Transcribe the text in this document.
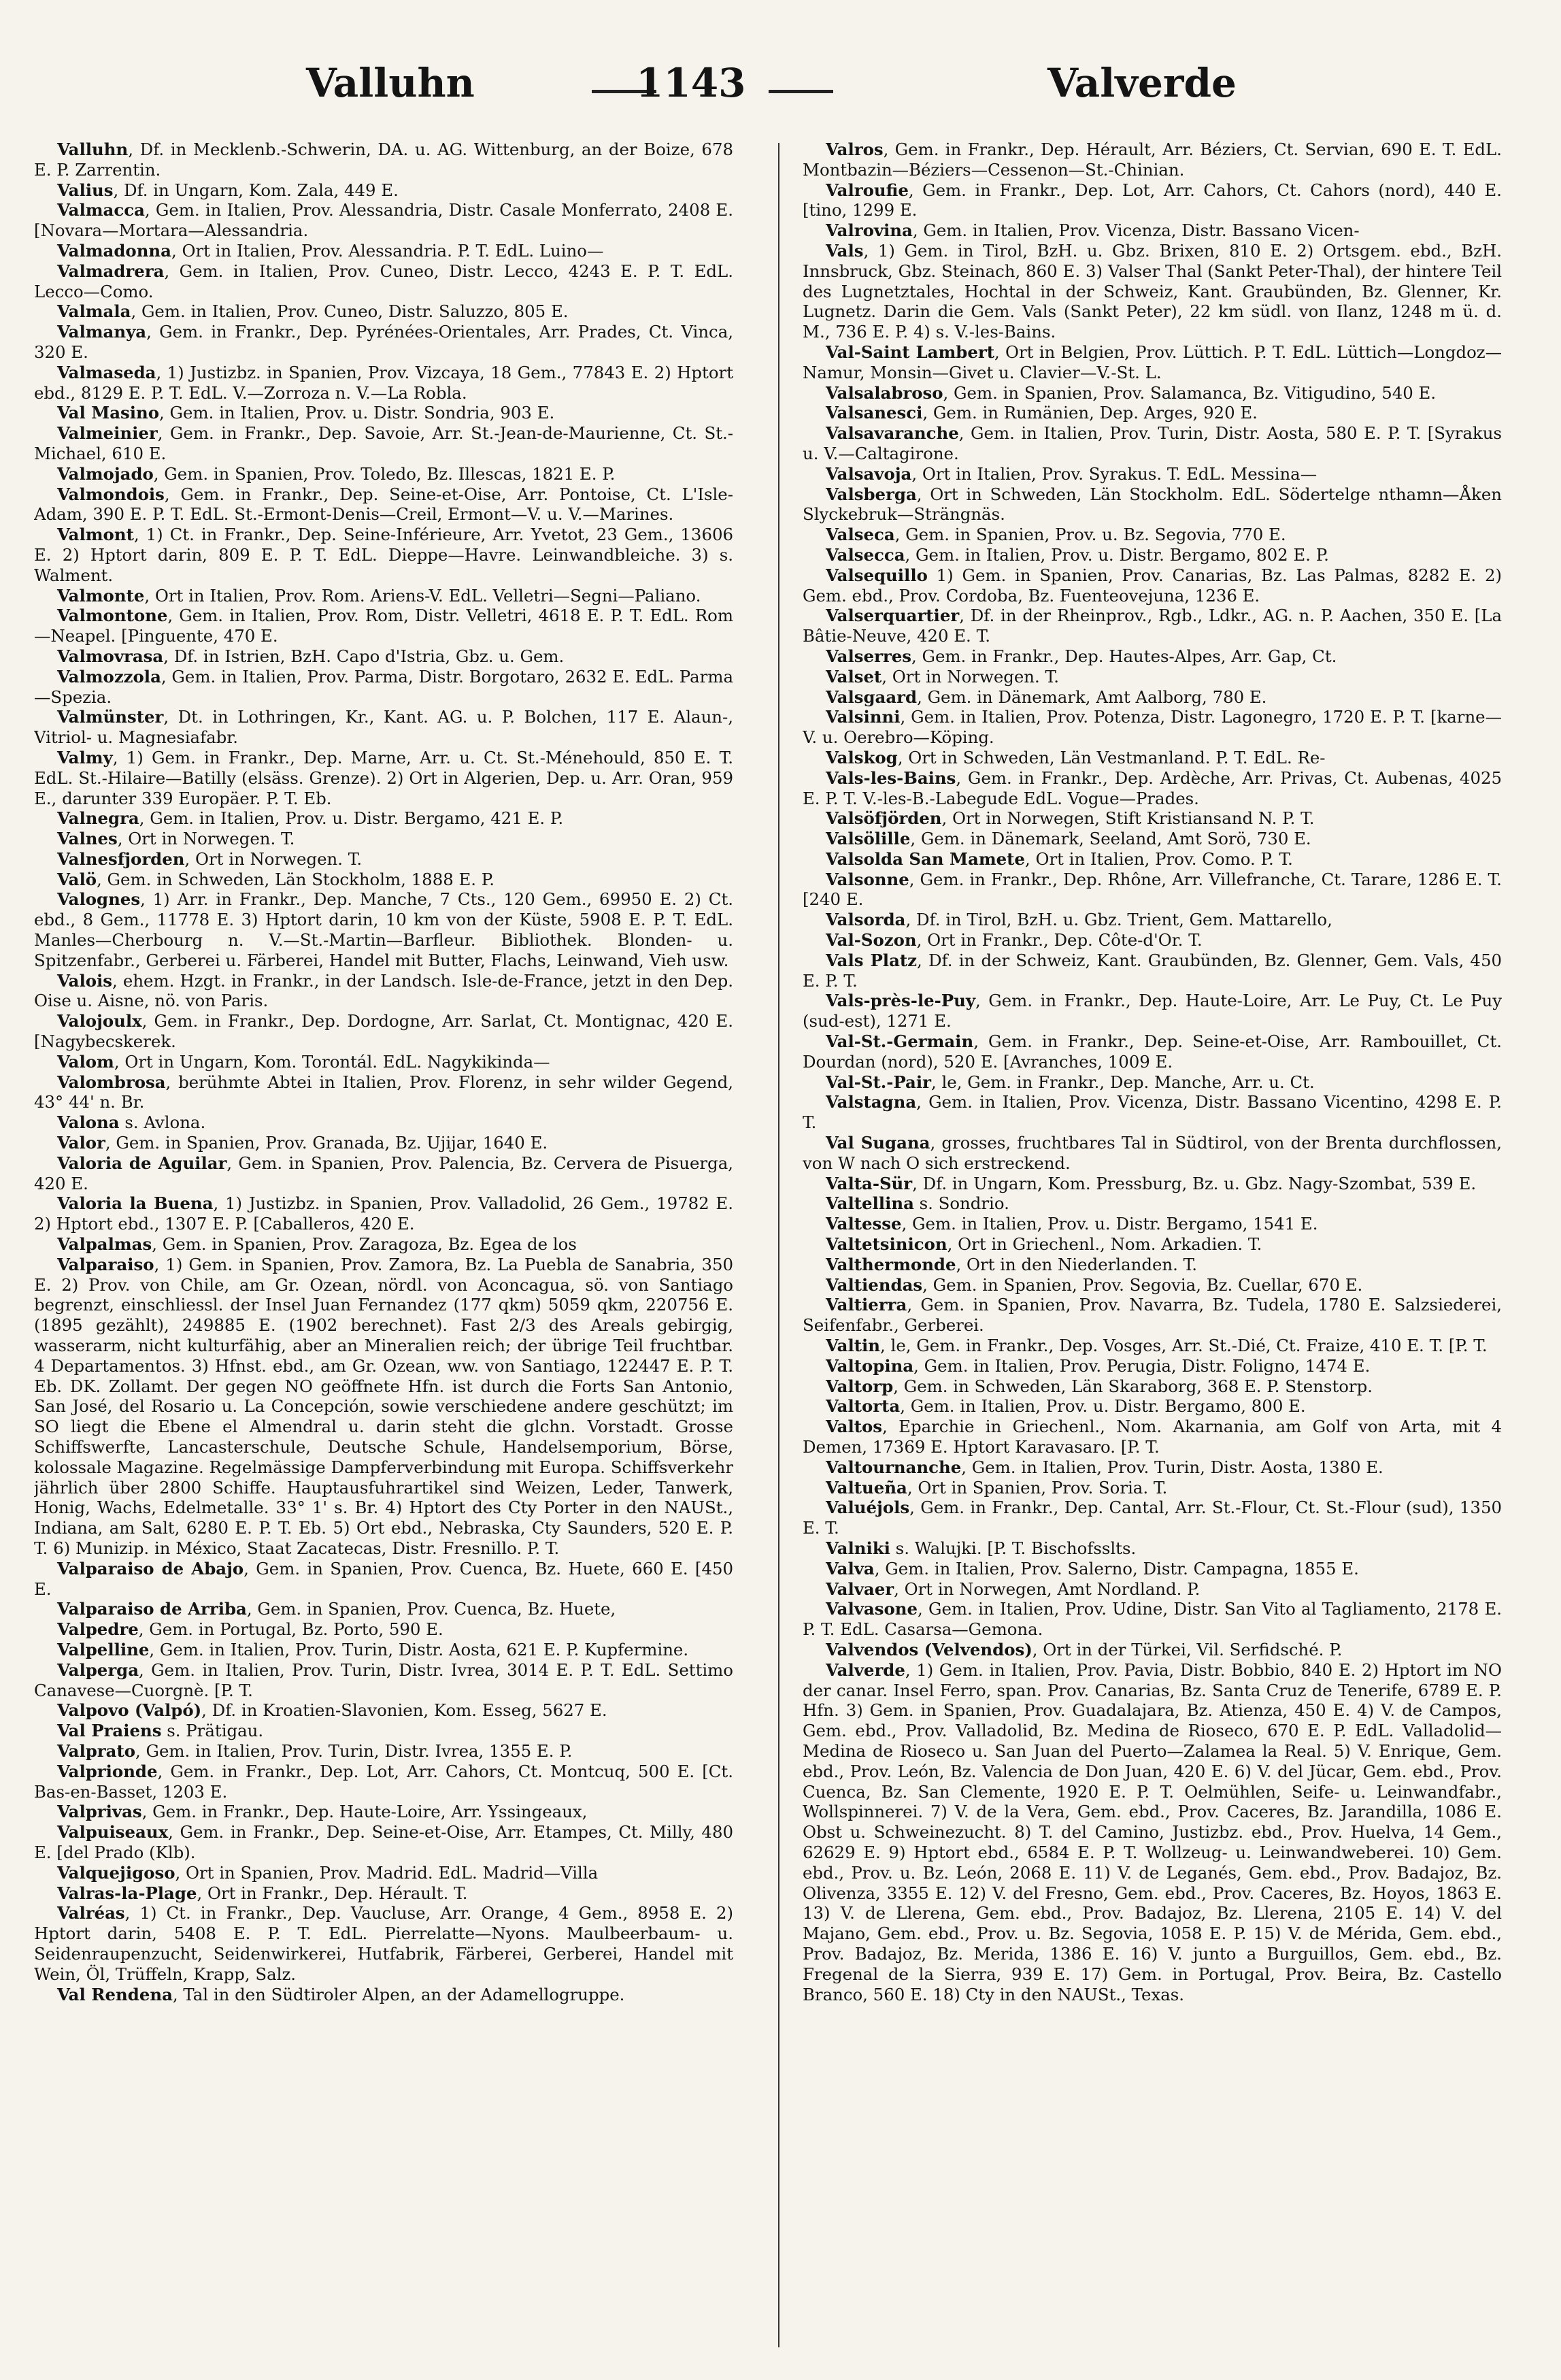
Valluhn	1143	Valverde

Valluhn, Df. in Mecklenb.-Schwerin, DA. u. AG. Wittenburg, an der Boize, 678 E. P. Zarrentin.

Valius, Df. in Ungarn, Kom. Zala, 449 E.

Valmacca, Gem. in Italien, Prov. Alessandria, Distr. Casale Monferrato, 2408 E. [Novara—Mortara—Alessandria.

Valmadonna, Ort in Italien, Prov. Alessandria. P. T. EdL. Luino—

Valmadrera, Gem. in Italien, Prov. Cuneo, Distr. Lecco, 4243 E. P. T. EdL. Lecco—Como.

Valmala, Gem. in Italien, Prov. Cuneo, Distr. Saluzzo, 805 E.

Valmanya, Gem. in Frankr., Dep. Pyrénées-Orientales, Arr. Prades, Ct. Vinca, 320 E.

Valmaseda, 1) Justizbz. in Spanien, Prov. Vizcaya, 18 Gem., 77843 E. 2) Hptort ebd., 8129 E. P. T. EdL. V.—Zorroza n. V.—La Robla.

Val Masino, Gem. in Italien, Prov. u. Distr. Sondria, 903 E.

Valmeinier, Gem. in Frankr., Dep. Savoie, Arr. St.-Jean-de-Maurienne, Ct. St.-Michael, 610 E.

Valmojado, Gem. in Spanien, Prov. Toledo, Bz. Illescas, 1821 E. P.

Valmondois, Gem. in Frankr., Dep. Seine-et-Oise, Arr. Pontoise, Ct. L'Isle-Adam, 390 E. P. T. EdL. St.-Ermont-Denis—Creil, Ermont—V. u. V.—Marines.

Valmont, 1) Ct. in Frankr., Dep. Seine-Inférieure, Arr. Yvetot, 23 Gem., 13606 E. 2) Hptort darin, 809 E. P. T. EdL. Dieppe—Havre. Leinwandbleiche. 3) s. Walment.

Valmonte, Ort in Italien, Prov. Rom. Ariens-V. EdL. Velletri—Segni—Paliano.

Valmontone, Gem. in Italien, Prov. Rom, Distr. Velletri, 4618 E. P. T. EdL. Rom—Neapel. [Pinguente, 470 E.

Valmovrasa, Df. in Istrien, BzH. Capo d'Istria, Gbz. u. Gem.

Valmozzola, Gem. in Italien, Prov. Parma, Distr. Borgotaro, 2632 E. EdL. Parma—Spezia.

Valmünster, Dt. in Lothringen, Kr., Kant. AG. u. P. Bolchen, 117 E. Alaun-, Vitriol- u. Magnesiafabr.

Valmy, 1) Gem. in Frankr., Dep. Marne, Arr. u. Ct. St.-Ménehould, 850 E. T. EdL. St.-Hilaire—Batilly (elsäss. Grenze). 2) Ort in Algerien, Dep. u. Arr. Oran, 959 E., darunter 339 Europäer. P. T. Eb.

Valnegra, Gem. in Italien, Prov. u. Distr. Bergamo, 421 E. P.

Valnes, Ort in Norwegen. T.

Valnesfjorden, Ort in Norwegen. T.

Valö, Gem. in Schweden, Län Stockholm, 1888 E. P.

Valognes, 1) Arr. in Frankr., Dep. Manche, 7 Cts., 120 Gem., 69950 E. 2) Ct. ebd., 8 Gem., 11778 E. 3) Hptort darin, 10 km von der Küste, 5908 E. P. T. EdL. Manles—Cherbourg n. V.—St.-Martin—Barfleur. Bibliothek. Blonden- u. Spitzenfabr., Gerberei u. Färberei, Handel mit Butter, Flachs, Leinwand, Vieh usw.

Valois, ehem. Hzgt. in Frankr., in der Landsch. Isle-de-France, jetzt in den Dep. Oise u. Aisne, nö. von Paris.

Valojoulx, Gem. in Frankr., Dep. Dordogne, Arr. Sarlat, Ct. Montignac, 420 E. [Nagybecskerek.

Valom, Ort in Ungarn, Kom. Torontál. EdL. Nagykikinda—

Valombrosa, berühmte Abtei in Italien, Prov. Florenz, in sehr wilder Gegend, 43° 44' n. Br.

Valona s. Avlona.

Valor, Gem. in Spanien, Prov. Granada, Bz. Ujijar, 1640 E.

Valoria de Aguilar, Gem. in Spanien, Prov. Palencia, Bz. Cervera de Pisuerga, 420 E.

Valoria la Buena, 1) Justizbz. in Spanien, Prov. Valladolid, 26 Gem., 19782 E. 2) Hptort ebd., 1307 E. P. [Caballeros, 420 E.

Valpalmas, Gem. in Spanien, Prov. Zaragoza, Bz. Egea de los

Valparaiso, 1) Gem. in Spanien, Prov. Zamora, Bz. La Puebla de Sanabria, 350 E. 2) Prov. von Chile, am Gr. Ozean, nördl. von Aconcagua, sö. von Santiago begrenzt, einschliessl. der Insel Juan Fernandez (177 qkm) 5059 qkm, 220756 E. (1895 gezählt), 249885 E. (1902 berechnet). Fast 2/3 des Areals gebirgig, wasserarm, nicht kulturfähig, aber an Mineralien reich; der übrige Teil fruchtbar. 4 Departamentos. 3) Hfnst. ebd., am Gr. Ozean, ww. von Santiago, 122447 E. P. T. Eb. DK. Zollamt. Der gegen NO geöffnete Hfn. ist durch die Forts San Antonio, San José, del Rosario u. La Concepción, sowie verschiedene andere geschützt; im SO liegt die Ebene el Almendral u. darin steht die glchn. Vorstadt. Grosse Schiffswerfte, Lancasterschule, Deutsche Schule, Handelsemporium, Börse, kolossale Magazine. Regelmässige Dampferverbindung mit Europa. Schiffsverkehr jährlich über 2800 Schiffe. Hauptausfuhrartikel sind Weizen, Leder, Tanwerk, Honig, Wachs, Edelmetalle. 33° 1' s. Br. 4) Hptort des Cty Porter in den NAUSt., Indiana, am Salt, 6280 E. P. T. Eb. 5) Ort ebd., Nebraska, Cty Saunders, 520 E. P. T. 6) Munizip. in México, Staat Zacatecas, Distr. Fresnillo. P. T.

Valparaiso de Abajo, Gem. in Spanien, Prov. Cuenca, Bz. Huete, 660 E. [450 E.

Valparaiso de Arriba, Gem. in Spanien, Prov. Cuenca, Bz. Huete,

Valpedre, Gem. in Portugal, Bz. Porto, 590 E.

Valpelline, Gem. in Italien, Prov. Turin, Distr. Aosta, 621 E. P. Kupfermine.

Valperga, Gem. in Italien, Prov. Turin, Distr. Ivrea, 3014 E. P. T. EdL. Settimo Canavese—Cuorgnè. [P. T.

Valpovo (Valpó), Df. in Kroatien-Slavonien, Kom. Esseg, 5627 E.

Val Praiens s. Prätigau.

Valprato, Gem. in Italien, Prov. Turin, Distr. Ivrea, 1355 E. P.

Valprionde, Gem. in Frankr., Dep. Lot, Arr. Cahors, Ct. Montcuq, 500 E. [Ct. Bas-en-Basset, 1203 E.

Valprivas, Gem. in Frankr., Dep. Haute-Loire, Arr. Yssingeaux,

Valpuiseaux, Gem. in Frankr., Dep. Seine-et-Oise, Arr. Etampes, Ct. Milly, 480 E. [del Prado (Klb).

Valquejigoso, Ort in Spanien, Prov. Madrid. EdL. Madrid—Villa

Valras-la-Plage, Ort in Frankr., Dep. Hérault. T.

Valréas, 1) Ct. in Frankr., Dep. Vaucluse, Arr. Orange, 4 Gem., 8958 E. 2) Hptort darin, 5408 E. P. T. EdL. Pierrelatte—Nyons. Maulbeerbaum- u. Seidenraupenzucht, Seidenwirkerei, Hutfabrik, Färberei, Gerberei, Handel mit Wein, Öl, Trüffeln, Krapp, Salz.

Val Rendena, Tal in den Südtiroler Alpen, an der Adamellogruppe.

Valros, Gem. in Frankr., Dep. Hérault, Arr. Béziers, Ct. Servian, 690 E. T. EdL. Montbazin—Béziers—Cessenon—St.-Chinian.

Valroufie, Gem. in Frankr., Dep. Lot, Arr. Cahors, Ct. Cahors (nord), 440 E. [tino, 1299 E.

Valrovina, Gem. in Italien, Prov. Vicenza, Distr. Bassano Vicen-

Vals, 1) Gem. in Tirol, BzH. u. Gbz. Brixen, 810 E. 2) Ortsgem. ebd., BzH. Innsbruck, Gbz. Steinach, 860 E. 3) Valser Thal (Sankt Peter-Thal), der hintere Teil des Lugnetztales, Hochtal in der Schweiz, Kant. Graubünden, Bz. Glenner, Kr. Lugnetz. Darin die Gem. Vals (Sankt Peter), 22 km südl. von Ilanz, 1248 m ü. d. M., 736 E. P. 4) s. V.-les-Bains.

Val-Saint Lambert, Ort in Belgien, Prov. Lüttich. P. T. EdL. Lüttich—Longdoz—Namur, Monsin—Givet u. Clavier—V.-St. L.

Valsalabroso, Gem. in Spanien, Prov. Salamanca, Bz. Vitigudino, 540 E.

Valsanesci, Gem. in Rumänien, Dep. Arges, 920 E.

Valsavaranche, Gem. in Italien, Prov. Turin, Distr. Aosta, 580 E. P. T. [Syrakus u. V.—Caltagirone.

Valsavoja, Ort in Italien, Prov. Syrakus. T. EdL. Messina—

Valsberga, Ort in Schweden, Län Stockholm. EdL. Södertelge nthamn—Åken Slyckebruk—Strängnäs.

Valseca, Gem. in Spanien, Prov. u. Bz. Segovia, 770 E.

Valsecca, Gem. in Italien, Prov. u. Distr. Bergamo, 802 E. P.

Valsequillo 1) Gem. in Spanien, Prov. Canarias, Bz. Las Palmas, 8282 E. 2) Gem. ebd., Prov. Cordoba, Bz. Fuenteovejuna, 1236 E.

Valserquartier, Df. in der Rheinprov., Rgb., Ldkr., AG. n. P. Aachen, 350 E. [La Bâtie-Neuve, 420 E. T.

Valserres, Gem. in Frankr., Dep. Hautes-Alpes, Arr. Gap, Ct.

Valset, Ort in Norwegen. T.

Valsgaard, Gem. in Dänemark, Amt Aalborg, 780 E.

Valsinni, Gem. in Italien, Prov. Potenza, Distr. Lagonegro, 1720 E. P. T. [karne—V. u. Oerebro—Köping.

Valskog, Ort in Schweden, Län Vestmanland. P. T. EdL. Re-

Vals-les-Bains, Gem. in Frankr., Dep. Ardèche, Arr. Privas, Ct. Aubenas, 4025 E. P. T. V.-les-B.-Labegude EdL. Vogue—Prades.

Valsöfjörden, Ort in Norwegen, Stift Kristiansand N. P. T.

Valsölille, Gem. in Dänemark, Seeland, Amt Sorö, 730 E.

Valsolda San Mamete, Ort in Italien, Prov. Como. P. T.

Valsonne, Gem. in Frankr., Dep. Rhône, Arr. Villefranche, Ct. Tarare, 1286 E. T. [240 E.

Valsorda, Df. in Tirol, BzH. u. Gbz. Trient, Gem. Mattarello,

Val-Sozon, Ort in Frankr., Dep. Côte-d'Or. T.

Vals Platz, Df. in der Schweiz, Kant. Graubünden, Bz. Glenner, Gem. Vals, 450 E. P. T.

Vals-près-le-Puy, Gem. in Frankr., Dep. Haute-Loire, Arr. Le Puy, Ct. Le Puy (sud-est), 1271 E.

Val-St.-Germain, Gem. in Frankr., Dep. Seine-et-Oise, Arr. Rambouillet, Ct. Dourdan (nord), 520 E. [Avranches, 1009 E.

Val-St.-Pair, le, Gem. in Frankr., Dep. Manche, Arr. u. Ct.

Valstagna, Gem. in Italien, Prov. Vicenza, Distr. Bassano Vicentino, 4298 E. P. T.

Val Sugana, grosses, fruchtbares Tal in Südtirol, von der Brenta durchflossen, von W nach O sich erstreckend.

Valta-Sür, Df. in Ungarn, Kom. Pressburg, Bz. u. Gbz. Nagy-Szombat, 539 E.

Valtellina s. Sondrio.

Valtesse, Gem. in Italien, Prov. u. Distr. Bergamo, 1541 E.

Valtetsinicon, Ort in Griechenl., Nom. Arkadien. T.

Valthermonde, Ort in den Niederlanden. T.

Valtiendas, Gem. in Spanien, Prov. Segovia, Bz. Cuellar, 670 E.

Valtierra, Gem. in Spanien, Prov. Navarra, Bz. Tudela, 1780 E. Salzsiederei, Seifenfabr., Gerberei.

Valtin, le, Gem. in Frankr., Dep. Vosges, Arr. St.-Dié, Ct. Fraize, 410 E. T. [P. T.

Valtopina, Gem. in Italien, Prov. Perugia, Distr. Foligno, 1474 E.

Valtorp, Gem. in Schweden, Län Skaraborg, 368 E. P. Stenstorp.

Valtorta, Gem. in Italien, Prov. u. Distr. Bergamo, 800 E.

Valtos, Eparchie in Griechenl., Nom. Akarnania, am Golf von Arta, mit 4 Demen, 17369 E. Hptort Karavasaro. [P. T.

Valtournanche, Gem. in Italien, Prov. Turin, Distr. Aosta, 1380 E.

Valtueña, Ort in Spanien, Prov. Soria. T.

Valuéjols, Gem. in Frankr., Dep. Cantal, Arr. St.-Flour, Ct. St.-Flour (sud), 1350 E. T.

Valniki s. Walujki. [P. T. Bischofsslts.

Valva, Gem. in Italien, Prov. Salerno, Distr. Campagna, 1855 E.

Valvaer, Ort in Norwegen, Amt Nordland. P.

Valvasone, Gem. in Italien, Prov. Udine, Distr. San Vito al Tagliamento, 2178 E. P. T. EdL. Casarsa—Gemona.

Valvendos (Velvendos), Ort in der Türkei, Vil. Serfidsché. P.

Valverde, 1) Gem. in Italien, Prov. Pavia, Distr. Bobbio, 840 E. 2) Hptort im NO der canar. Insel Ferro, span. Prov. Canarias, Bz. Santa Cruz de Tenerife, 6789 E. P. Hfn. 3) Gem. in Spanien, Prov. Guadalajara, Bz. Atienza, 450 E. 4) V. de Campos, Gem. ebd., Prov. Valladolid, Bz. Medina de Rioseco, 670 E. P. EdL. Valladolid—Medina de Rioseco u. San Juan del Puerto—Zalamea la Real. 5) V. Enrique, Gem. ebd., Prov. León, Bz. Valencia de Don Juan, 420 E. 6) V. del Jücar, Gem. ebd., Prov. Cuenca, Bz. San Clemente, 1920 E. P. T. Oelmühlen, Seife- u. Leinwandfabr., Wollspinnerei. 7) V. de la Vera, Gem. ebd., Prov. Caceres, Bz. Jarandilla, 1086 E. Obst u. Schweinezucht. 8) T. del Camino, Justizbz. ebd., Prov. Huelva, 14 Gem., 62629 E. 9) Hptort ebd., 6584 E. P. T. Wollzeug- u. Leinwandweberei. 10) Gem. ebd., Prov. u. Bz. León, 2068 E. 11) V. de Leganés, Gem. ebd., Prov. Badajoz, Bz. Olivenza, 3355 E. 12) V. del Fresno, Gem. ebd., Prov. Caceres, Bz. Hoyos, 1863 E. 13) V. de Llerena, Gem. ebd., Prov. Badajoz, Bz. Llerena, 2105 E. 14) V. del Majano, Gem. ebd., Prov. u. Bz. Segovia, 1058 E. P. 15) V. de Mérida, Gem. ebd., Prov. Badajoz, Bz. Merida, 1386 E. 16) V. junto a Burguillos, Gem. ebd., Bz. Fregenal de la Sierra, 939 E. 17) Gem. in Portugal, Prov. Beira, Bz. Castello Branco, 560 E. 18) Cty in den NAUSt., Texas.
